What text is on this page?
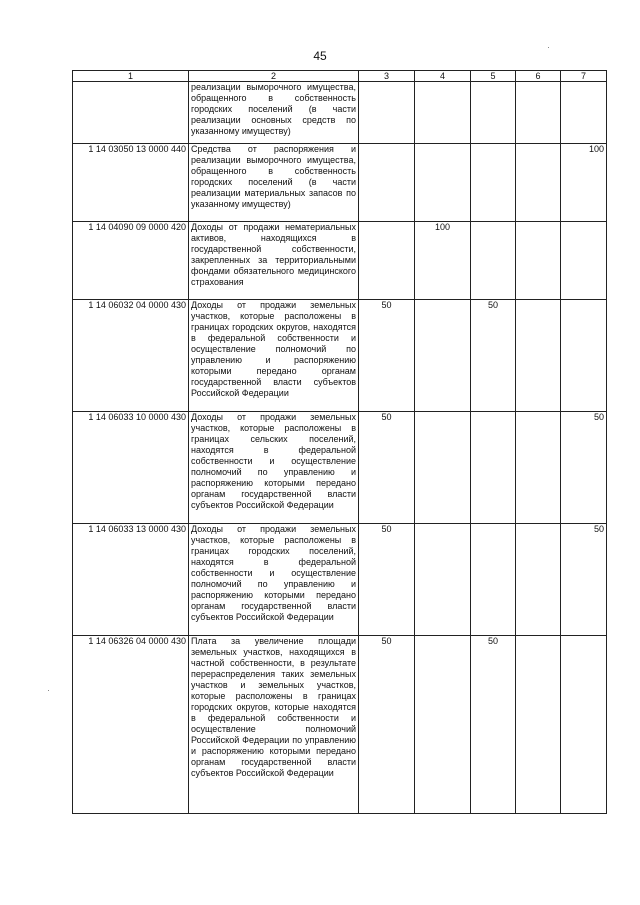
45
1	2	3	4	5	6	7
	реализации выморочного имущества, обращенного в собственность городских поселений (в части реализации основных средств по указанному имуществу)					
1 14 03050 13 0000 440	Средства от распоряжения и реализации выморочного имущества, обращенного в собственность городских поселений (в части реализации материальных запасов по указанному имуществу)					100
1 14 04090 09 0000 420	Доходы от продажи нематериальных активов, находящихся в государственной собственности, закрепленных за территориальными фондами обязательного медицинского страхования		100			
1 14 06032 04 0000 430	Доходы от продажи земельных участков, которые расположены в границах городских округов, находятся в федеральной собственности и осуществление полномочий по управлению и распоряжению которыми передано органам государственной власти субъектов Российской Федерации	50		50		
1 14 06033 10 0000 430	Доходы от продажи земельных участков, которые расположены в границах сельских поселений, находятся в федеральной собственности и осуществление полномочий по управлению и распоряжению которыми передано органам государственной власти субъектов Российской Федерации	50				50
1 14 06033 13 0000 430	Доходы от продажи земельных участков, которые расположены в границах городских поселений, находятся в федеральной собственности и осуществление полномочий по управлению и распоряжению которыми передано органам государственной власти субъектов Российской Федерации	50				50
1 14 06326 04 0000 430	Плата за увеличение площади земельных участков, находящихся в частной собственности, в результате перераспределения таких земельных участков и земельных участков, которые расположены в границах городских округов, которые находятся в федеральной собственности и осуществление полномочий Российской Федерации по управлению и распоряжению которыми передано органам государственной власти субъектов Российской Федерации	50		50		
